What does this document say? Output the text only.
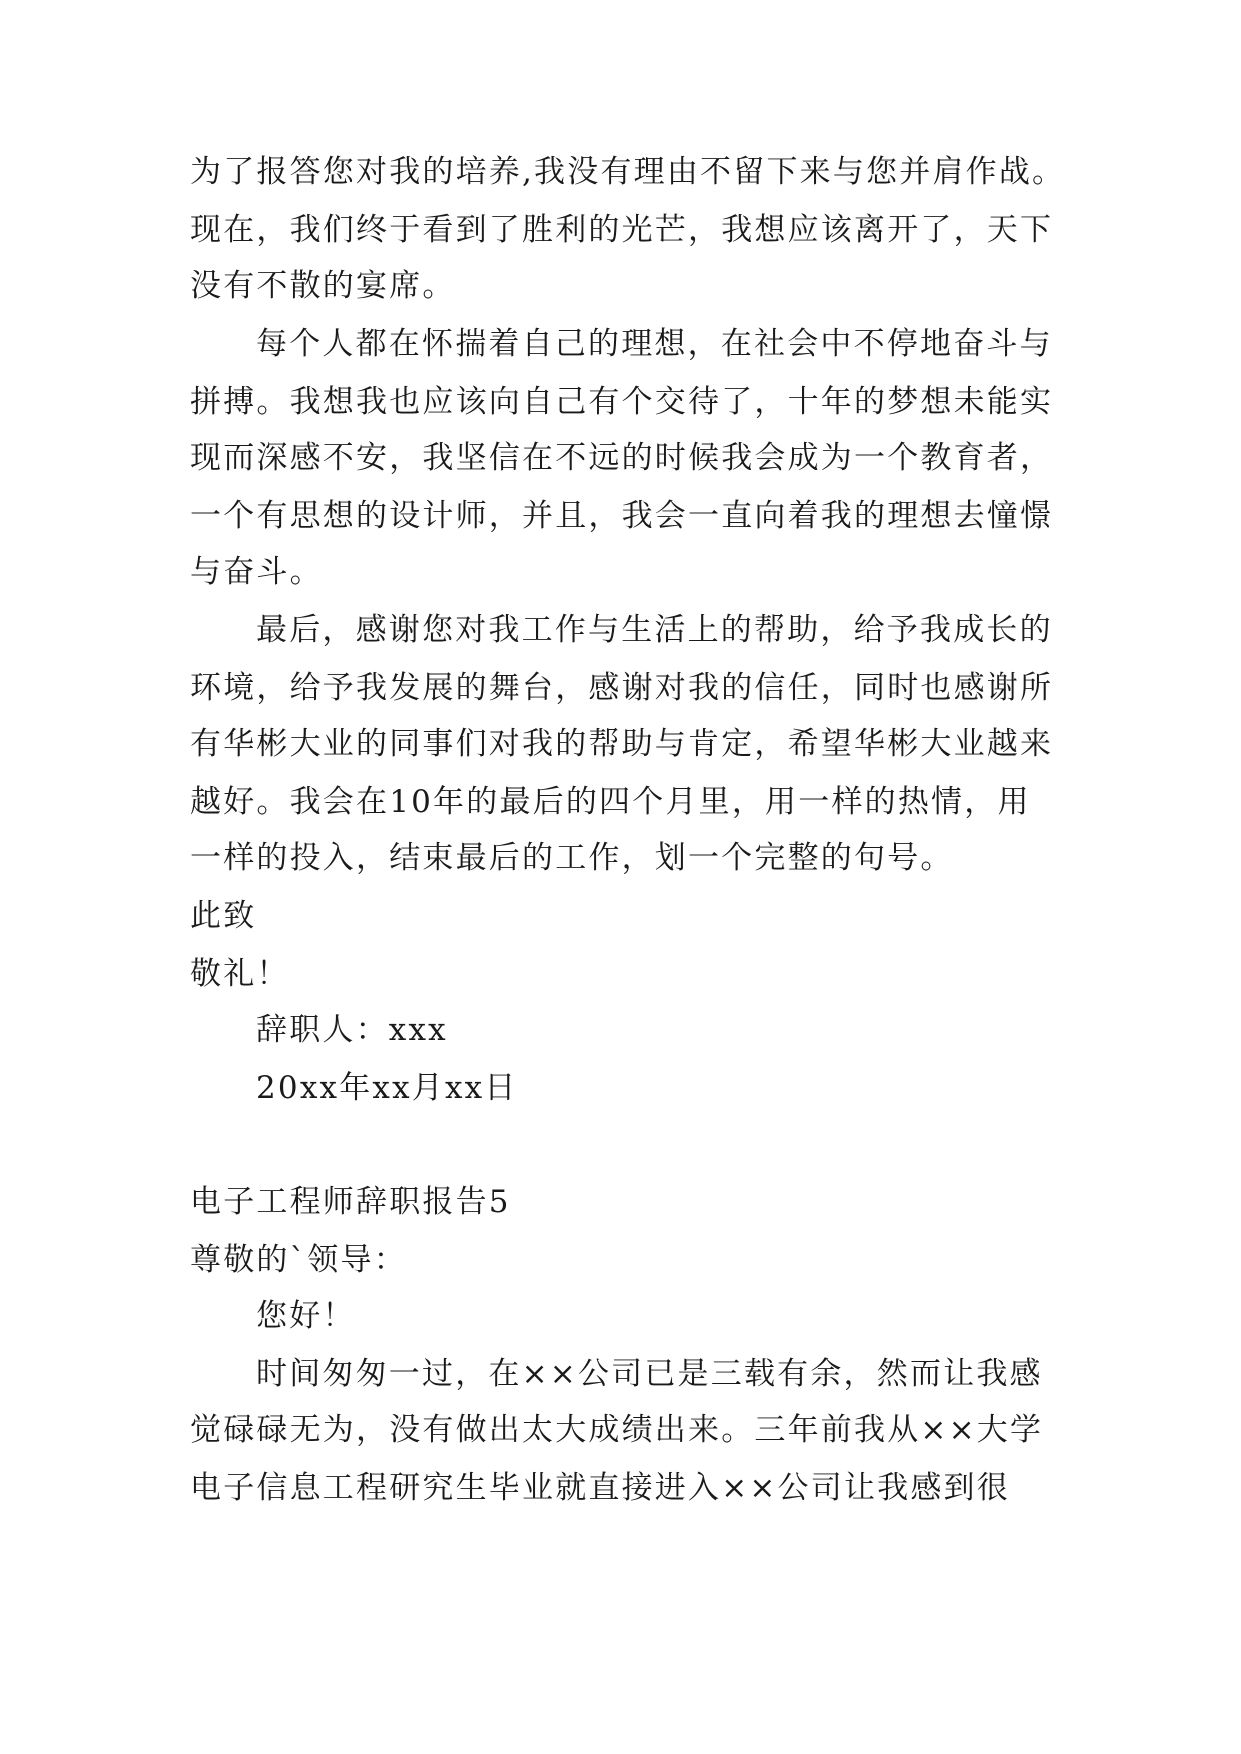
为了报答您对我的培养,我没有理由不留下来与您并肩作战。
现在，我们终于看到了胜利的光芒，我想应该离开了，天下
没有不散的宴席。
每个人都在怀揣着自己的理想，在社会中不停地奋斗与
拼搏。我想我也应该向自己有个交待了，十年的梦想未能实
现而深感不安，我坚信在不远的时候我会成为一个教育者，
一个有思想的设计师，并且，我会一直向着我的理想去憧憬
与奋斗。
最后，感谢您对我工作与生活上的帮助，给予我成长的
环境，给予我发展的舞台，感谢对我的信任，同时也感谢所
有华彬大业的同事们对我的帮助与肯定，希望华彬大业越来
越好。我会在10年的最后的四个月里，用一样的热情，用
一样的投入，结束最后的工作，划一个完整的句号。
此致
敬礼！
辞职人：xxx
20xx年xx月xx日
电子工程师辞职报告5
尊敬的`领导：
您好！
时间匆匆一过，在××公司已是三载有余，然而让我感
觉碌碌无为，没有做出太大成绩出来。三年前我从××大学
电子信息工程研究生毕业就直接进入××公司让我感到很
